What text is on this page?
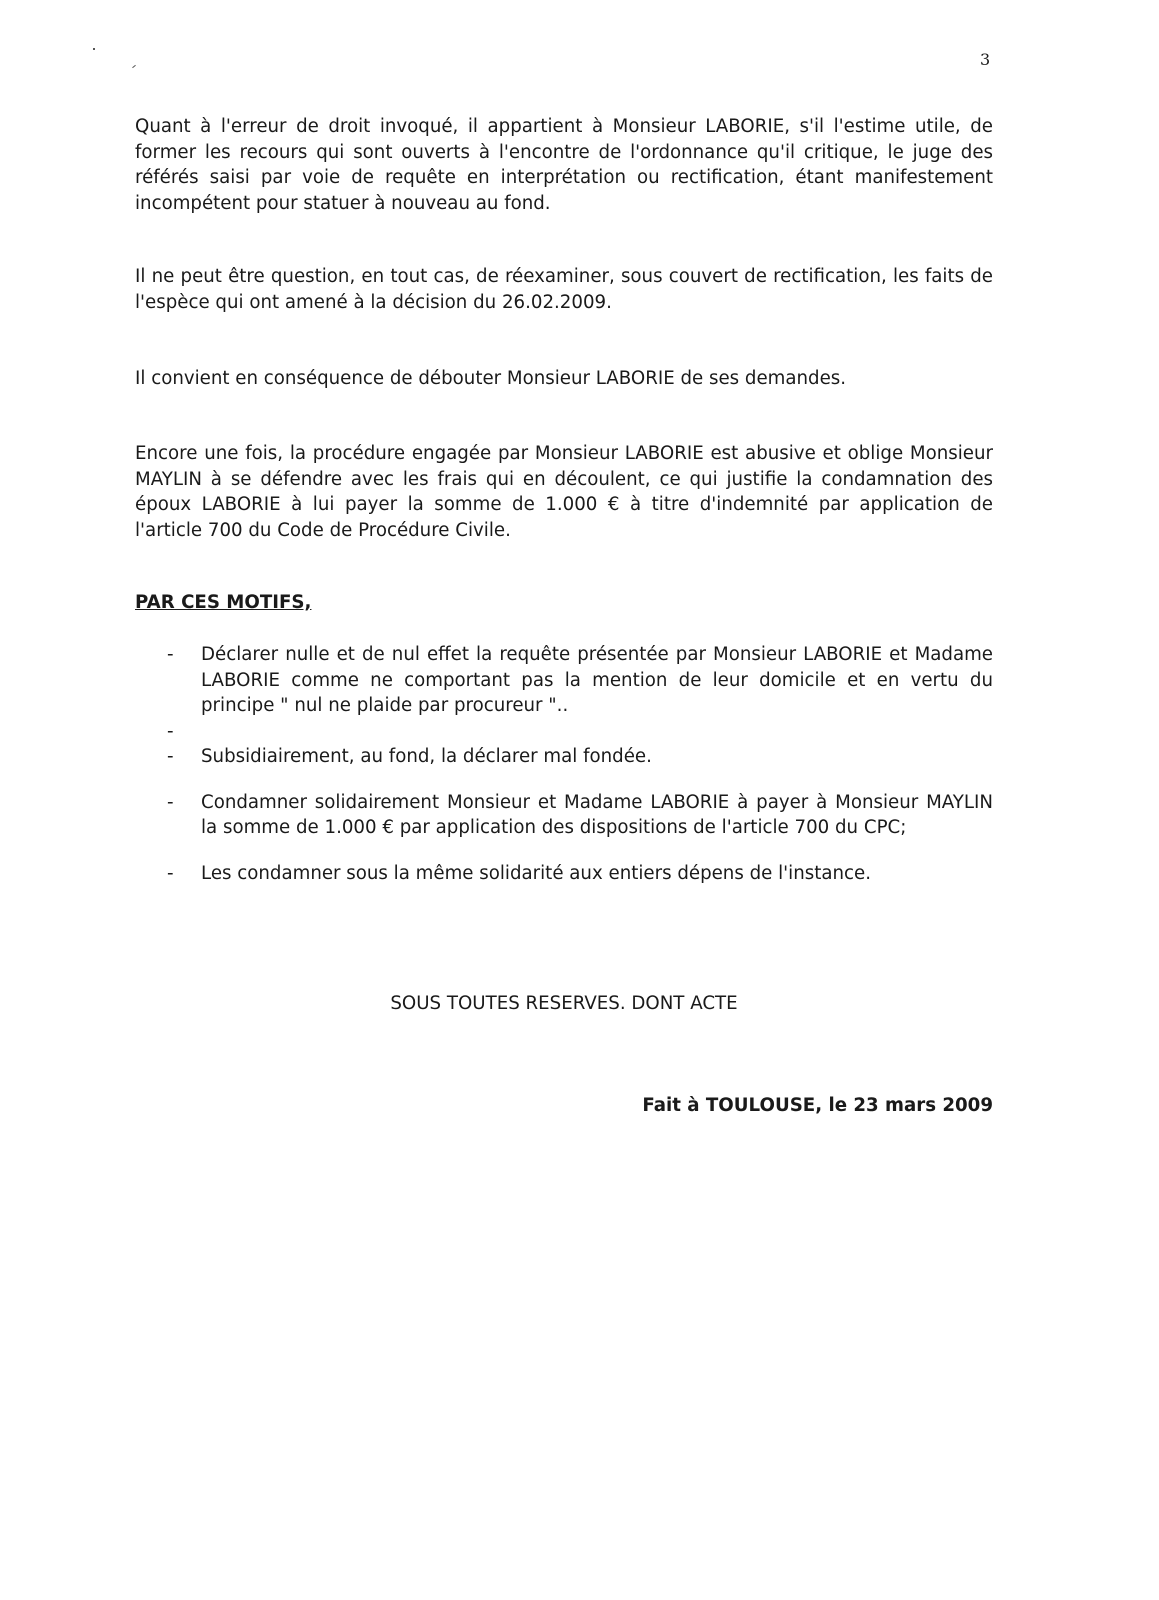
3

Quant à l'erreur de droit invoqué, il appartient à Monsieur LABORIE, s'il l'estime utile, de former les recours qui sont ouverts à l'encontre de l'ordonnance qu'il critique, le juge des référés saisi par voie de requête en interprétation ou rectification, étant manifestement incompétent pour statuer à nouveau au fond.

Il ne peut être question, en tout cas, de réexaminer, sous couvert de rectification, les faits de l'espèce qui ont amené à la décision du 26.02.2009.

Il convient en conséquence de débouter Monsieur LABORIE de ses demandes.

Encore une fois, la procédure engagée par Monsieur LABORIE est abusive et oblige Monsieur MAYLIN à se défendre avec les frais qui en découlent, ce qui justifie la condamnation des époux LABORIE à lui payer la somme de 1.000 € à titre d'indemnité par application de l'article 700 du Code de Procédure Civile.

PAR CES MOTIFS,

- Déclarer nulle et de nul effet la requête présentée par Monsieur LABORIE et Madame LABORIE comme ne comportant pas la mention de leur domicile et en vertu du principe " nul ne plaide par procureur "..
-
- Subsidiairement, au fond, la déclarer mal fondée.
- Condamner solidairement Monsieur et Madame LABORIE à payer à Monsieur MAYLIN la somme de 1.000 € par application des dispositions de l'article 700 du CPC;
- Les condamner sous la même solidarité aux entiers dépens de l'instance.

SOUS TOUTES RESERVES. DONT ACTE

Fait à TOULOUSE, le 23 mars 2009
